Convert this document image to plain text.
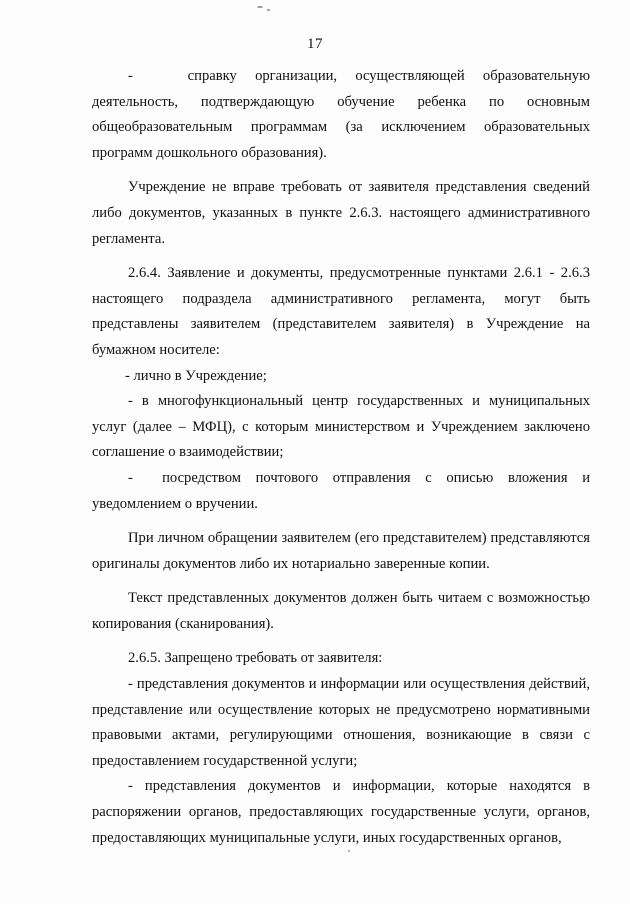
17

-   справку организации, осуществляющей образовательную деятельность, подтверждающую обучение ребенка по основным общеобразовательным программам (за исключением образовательных программ дошкольного образования).

Учреждение не вправе требовать от заявителя представления сведений либо документов, указанных в пункте 2.6.3. настоящего административного регламента.

2.6.4. Заявление и документы, предусмотренные пунктами 2.6.1 - 2.6.3 настоящего подраздела административного регламента, могут быть представлены заявителем (представителем заявителя) в Учреждение на бумажном носителе:

- лично в Учреждение;

- в многофункциональный центр государственных и муниципальных услуг (далее – МФЦ), с которым министерством и Учреждением заключено соглашение о взаимодействии;

-  посредством почтового отправления с описью вложения и уведомлением о вручении.

При личном обращении заявителем (его представителем) представляются оригиналы документов либо их нотариально заверенные копии.

Текст представленных документов должен быть читаем с возможностью копирования (сканирования).

2.6.5. Запрещено требовать от заявителя:

- представления документов и информации или осуществления действий, представление или осуществление которых не предусмотрено нормативными правовыми актами, регулирующими отношения, возникающие в связи с предоставлением государственной услуги;

- представления документов и информации, которые находятся в распоряжении органов, предоставляющих государственные услуги, органов, предоставляющих муниципальные услуги, иных государственных органов,
